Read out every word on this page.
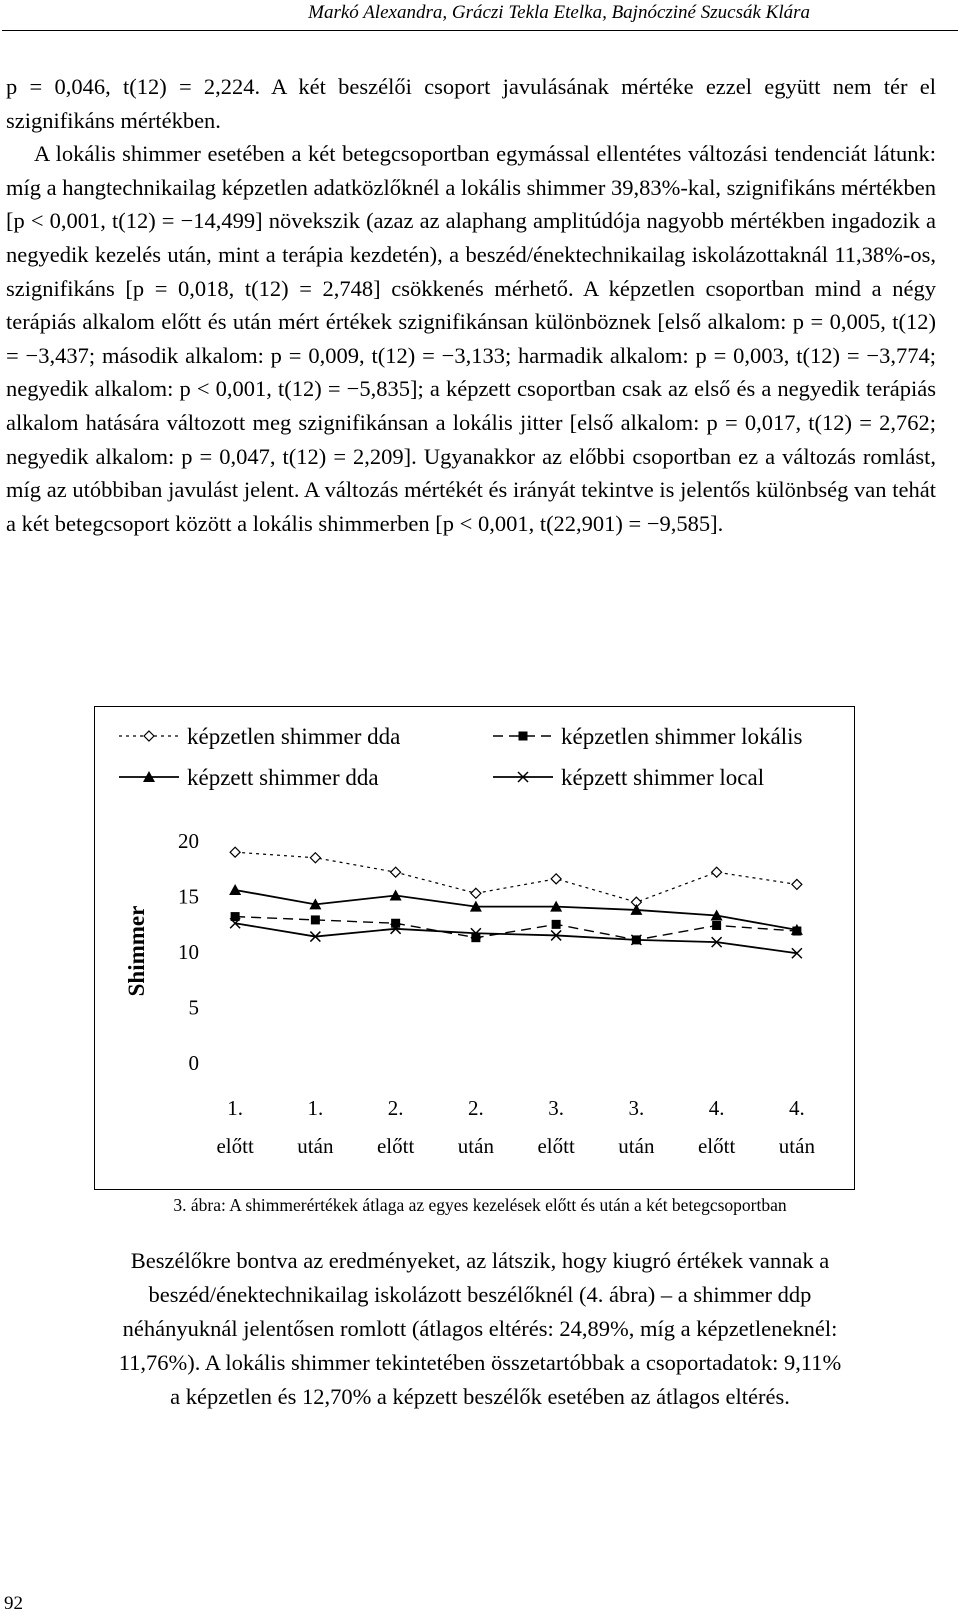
Markó Alexandra, Gráczi Tekla Etelka, Bajnócziné Szucsák Klára

p = 0,046, t(12) = 2,224. A két beszélői csoport javulásának mértéke ezzel együtt nem tér el szignifikáns mértékben.

A lokális shimmer esetében a két betegcsoportban egymással ellentétes változási tendenciát látunk: míg a hangtechnikailag képzetlen adatközlőknél a lokális shimmer 39,83%-kal, szignifikáns mértékben [p < 0,001, t(12) = −14,499] növekszik (azaz az alaphang amplitúdója nagyobb mértékben ingadozik a negyedik kezelés után, mint a terápia kezdetén), a beszéd/énektechnikailag iskolázottaknál 11,38%-os, szignifikáns [p = 0,018, t(12) = 2,748] csökkenés mérhető. A képzetlen csoportban mind a négy terápiás alkalom előtt és után mért értékek szignifikánsan különböznek [első alkalom: p = 0,005, t(12) = −3,437; második alkalom: p = 0,009, t(12) = −3,133; harmadik alkalom: p = 0,003, t(12) = −3,774; negyedik alkalom: p < 0,001, t(12) = −5,835]; a képzett csoportban csak az első és a negyedik terápiás alkalom hatására változott meg szignifikánsan a lokális jitter [első alkalom: p = 0,017, t(12) = 2,762; negyedik alkalom: p = 0,047, t(12) = 2,209]. Ugyanakkor az előbbi csoportban ez a változás romlást, míg az utóbbiban javulást jelent. A változás mértékét és irányát tekintve is jelentős különbség van tehát a két betegcsoport között a lokális shimmerben [p < 0,001, t(22,901) = −9,585].

0
5
10
15
20
Shimmer
1.
előtt
1.
után
2.
előtt
2.
után
3.
előtt
3.
után
4.
előtt
4.
után
képzetlen shimmer dda	képzetlen shimmer lokális
képzett shimmer dda	képzett shimmer local
3. ábra: A shimmerértékek átlaga az egyes kezelések előtt és után a két betegcsoportban

Beszélőkre bontva az eredményeket, az látszik, hogy kiugró értékek vannak a

beszéd/énektechnikailag iskolázott beszélőknél (4. ábra) – a shimmer ddp

néhányuknál jelentősen romlott (átlagos eltérés: 24,89%, míg a képzetleneknél:

11,76%). A lokális shimmer tekintetében összetartóbbak a csoportadatok: 9,11%

a képzetlen és 12,70% a képzett beszélők esetében az átlagos eltérés.

92
